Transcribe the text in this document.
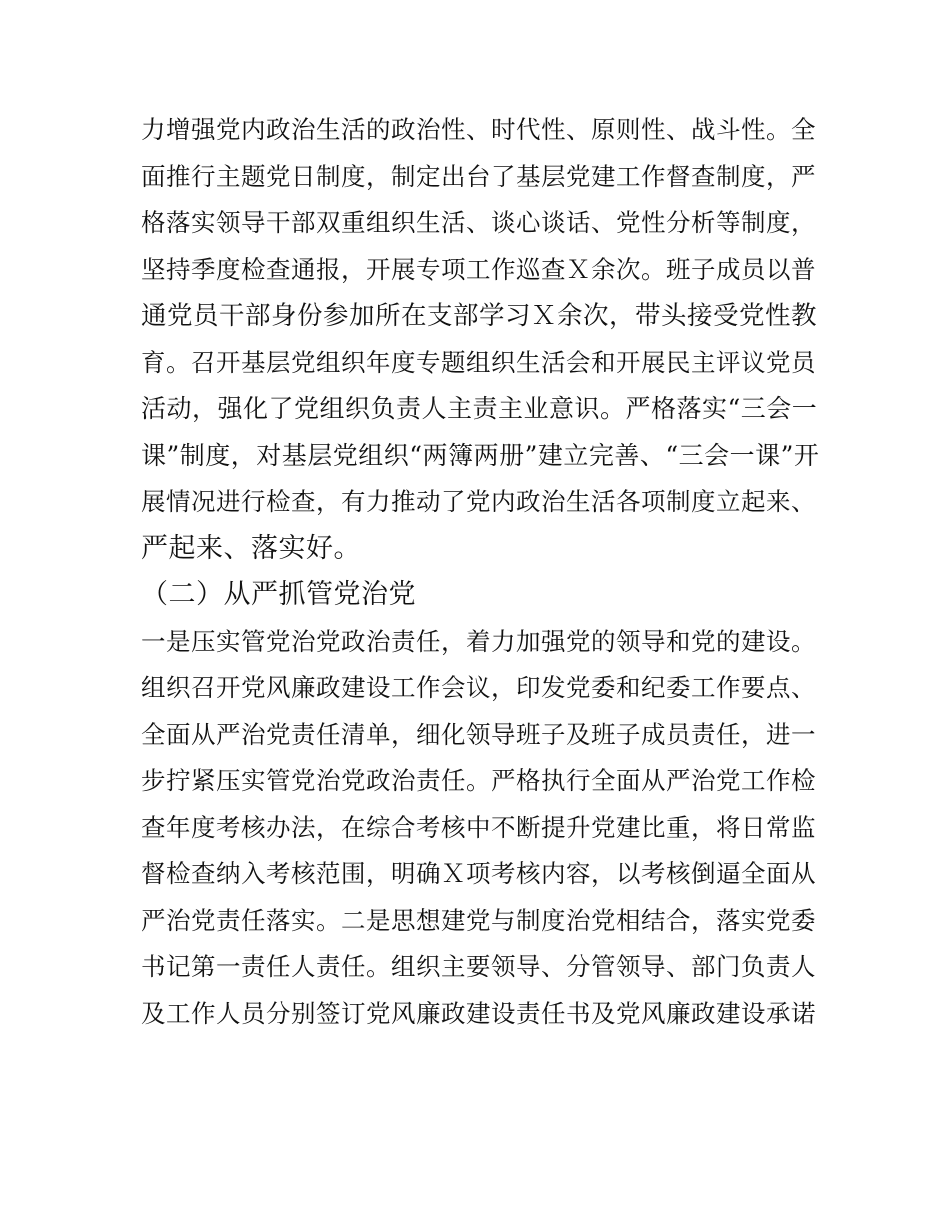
力增强党内政治生活的政治性、时代性、原则性、战斗性。全
面推行主题党日制度，制定出台了基层党建工作督查制度，严
格落实领导干部双重组织生活、谈心谈话、党性分析等制度，
坚持季度检查通报，开展专项工作巡查Ｘ余次。班子成员以普
通党员干部身份参加所在支部学习Ｘ余次，带头接受党性教
育。召开基层党组织年度专题组织生活会和开展民主评议党员
活动，强化了党组织负责人主责主业意识。严格落实“三会一
课”制度，对基层党组织“两簿两册”建立完善、“三会一课”开
展情况进行检查，有力推动了党内政治生活各项制度立起来、
严起来、落实好。
（二）从严抓管党治党
一是压实管党治党政治责任，着力加强党的领导和党的建设。
组织召开党风廉政建设工作会议，印发党委和纪委工作要点、
全面从严治党责任清单，细化领导班子及班子成员责任，进一
步拧紧压实管党治党政治责任。严格执行全面从严治党工作检
查年度考核办法，在综合考核中不断提升党建比重，将日常监
督检查纳入考核范围，明确Ｘ项考核内容，以考核倒逼全面从
严治党责任落实。二是思想建党与制度治党相结合，落实党委
书记第一责任人责任。组织主要领导、分管领导、部门负责人
及工作人员分别签订党风廉政建设责任书及党风廉政建设承诺
